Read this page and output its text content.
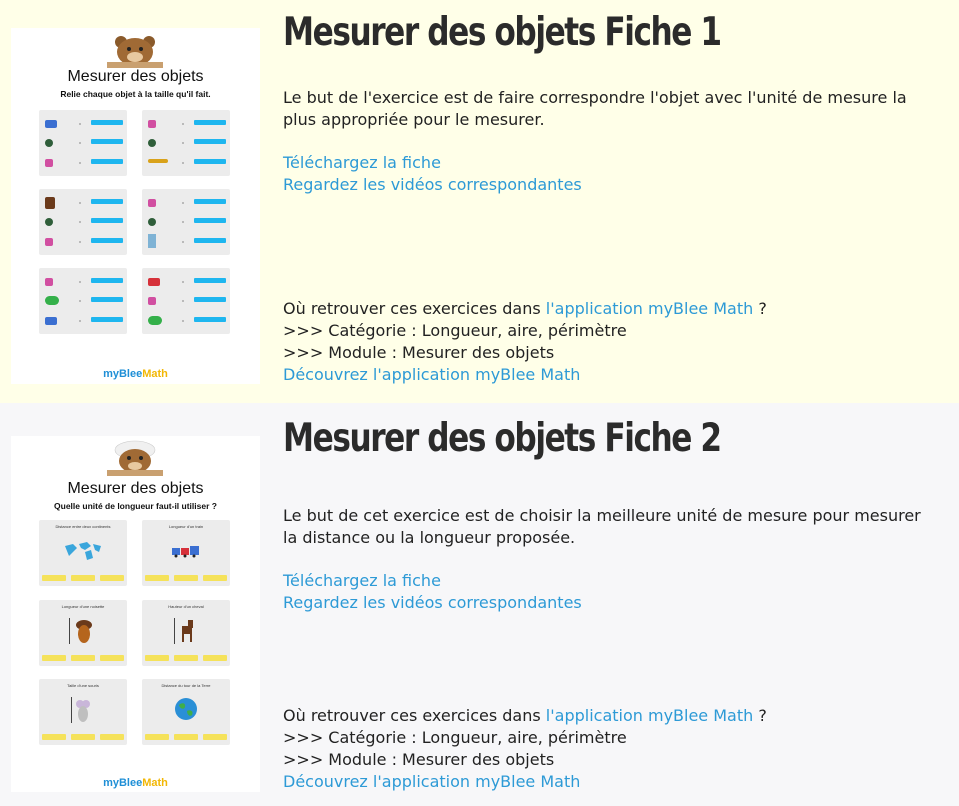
Mesurer des objets
Relie chaque objet à la taille qu'il fait.
myBleeMath
Mesurer des objets Fiche 1
Le but de l'exercice est de faire correspondre l'objet avec l'unité de mesure la plus appropriée pour le mesurer.
Téléchargez la fiche
Regardez les vidéos correspondantes
Où retrouver ces exercices dans l'application myBlee Math ?
>>> Catégorie : Longueur, aire, périmètre
>>> Module : Mesurer des objets
Découvrez l'application myBlee Math
Mesurer des objets
Quelle unité de longueur faut-il utiliser ?
Distance entre deux continents	Longueur d'un train
Longueur d'une noisette	Hauteur d'un cheval
Taille d'une souris	Distance du tour de la Terre
myBleeMath
Mesurer des objets Fiche 2
Le but de cet exercice est de choisir la meilleure unité de mesure pour mesurer la distance ou la longueur proposée.
Téléchargez la fiche
Regardez les vidéos correspondantes
Où retrouver ces exercices dans l'application myBlee Math ?
>>> Catégorie : Longueur, aire, périmètre
>>> Module : Mesurer des objets
Découvrez l'application myBlee Math
